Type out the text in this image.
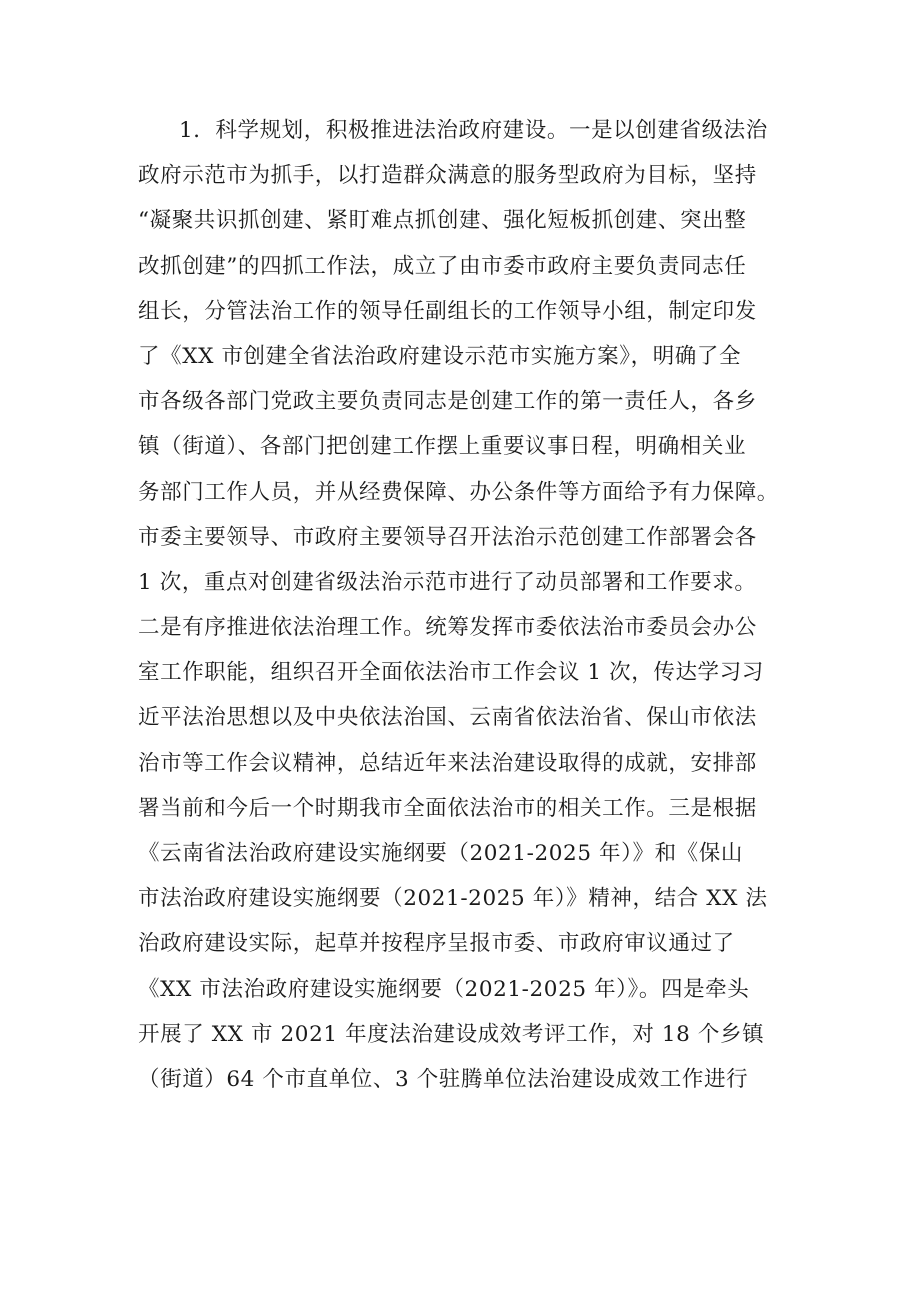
1．科学规划，积极推进法治政府建设。一是以创建省级法治
政府示范市为抓手，以打造群众满意的服务型政府为目标，坚持
“凝聚共识抓创建、紧盯难点抓创建、强化短板抓创建、突出整
改抓创建”的四抓工作法，成立了由市委市政府主要负责同志任
组长，分管法治工作的领导任副组长的工作领导小组，制定印发
了《XX 市创建全省法治政府建设示范市实施方案》，明确了全
市各级各部门党政主要负责同志是创建工作的第一责任人，各乡
镇（街道）、各部门把创建工作摆上重要议事日程，明确相关业
务部门工作人员，并从经费保障、办公条件等方面给予有力保障。
市委主要领导、市政府主要领导召开法治示范创建工作部署会各
1 次，重点对创建省级法治示范市进行了动员部署和工作要求。
二是有序推进依法治理工作。统筹发挥市委依法治市委员会办公
室工作职能，组织召开全面依法治市工作会议 1 次，传达学习习
近平法治思想以及中央依法治国、云南省依法治省、保山市依法
治市等工作会议精神，总结近年来法治建设取得的成就，安排部
署当前和今后一个时期我市全面依法治市的相关工作。三是根据
《云南省法治政府建设实施纲要（2021-2025 年）》和《保山
市法治政府建设实施纲要（2021-2025 年）》精神，结合 XX 法
治政府建设实际，起草并按程序呈报市委、市政府审议通过了
《XX 市法治政府建设实施纲要（2021-2025 年）》。四是牵头
开展了 XX 市 2021 年度法治建设成效考评工作，对 18 个乡镇
（街道）64 个市直单位、3 个驻腾单位法治建设成效工作进行
